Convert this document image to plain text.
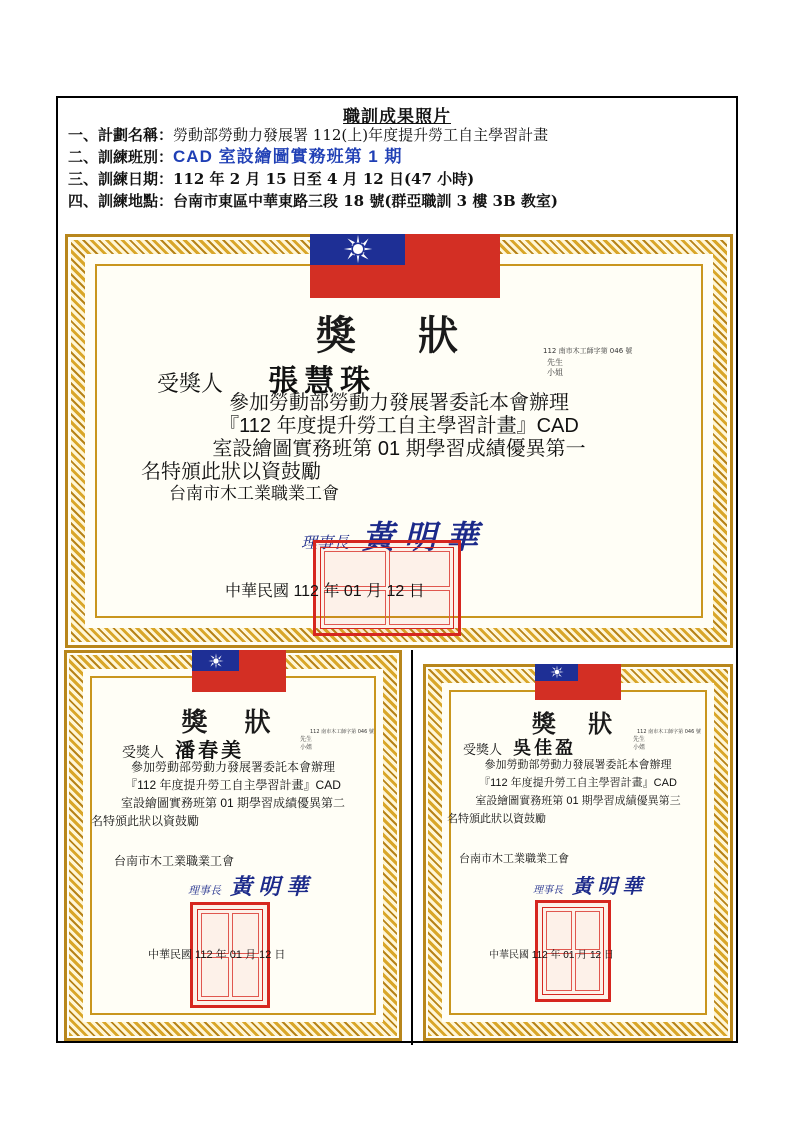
職訓成果照片
一、計劃名稱：勞動部勞動力發展署 112(上)年度提升勞工自主學習計畫
二、訓練班別：CAD 室設繪圖實務班第 1 期
三、訓練日期：112 年 2 月 15 日至 4 月 12 日(47 小時)
四、訓練地點：台南市東區中華東路三段 18 號(群亞職訓 3 樓 3B 教室)
獎 狀	112 南市木工師字第 046 號
受獎人 張慧珠
先生
小姐
參加勞動部勞動力發展署委託本會辦理
『112 年度提升勞工自主學習計畫』CAD
室設繪圖實務班第 01 期學習成績優異第一
名特頒此狀以資鼓勵
台南市木工業職業工會
理事長 黃明華
中華民國 112 年 01 月 12 日
獎 狀	112 南市木工師字第 046 號
受獎人 潘春美	先生
小姐
參加勞動部勞動力發展署委託本會辦理
『112 年度提升勞工自主學習計畫』CAD
室設繪圖實務班第 01 期學習成績優異第二
名特頒此狀以資鼓勵
台南市木工業職業工會
理事長 黃明華
中華民國 112 年 01 月 12 日
獎 狀	112 南市木工師字第 046 號
受獎人 吳佳盈	先生
小姐
參加勞動部勞動力發展署委託本會辦理
『112 年度提升勞工自主學習計畫』CAD
室設繪圖實務班第 01 期學習成績優異第三
名特頒此狀以資鼓勵
台南市木工業職業工會
理事長 黃明華
中華民國 112 年 01 月 12 日
